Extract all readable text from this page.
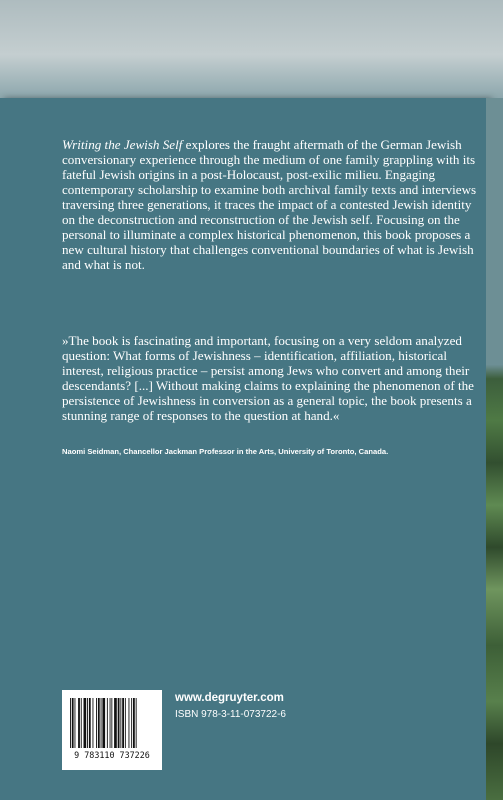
Writing the Jewish Self explores the fraught aftermath of the German Jewish conversionary experience through the medium of one family grappling with its fateful Jewish origins in a post-Holocaust, post-exilic milieu. Engaging contemporary scholarship to examine both archival family texts and interviews traversing three generations, it traces the impact of a contested Jewish identity on the deconstruction and reconstruction of the Jewish self. Focusing on the personal to illuminate a complex historical phenomenon, this book proposes a new cultural history that challenges conventional boundaries of what is Jewish and what is not.

»The book is fascinating and important, focusing on a very seldom analyzed question: What forms of Jewishness – identification, affiliation, historical interest, religious practice – persist among Jews who convert and among their descendants? [...] Without making claims to explaining the phenomenon of the persistence of Jewishness in conversion as a general topic, the book presents a stunning range of responses to the question at hand.«

Naomi Seidman, Chancellor Jackman Professor in the Arts, University of Toronto, Canada.

9 783110 737226
www.degruyter.com
ISBN 978-3-11-073722-6
